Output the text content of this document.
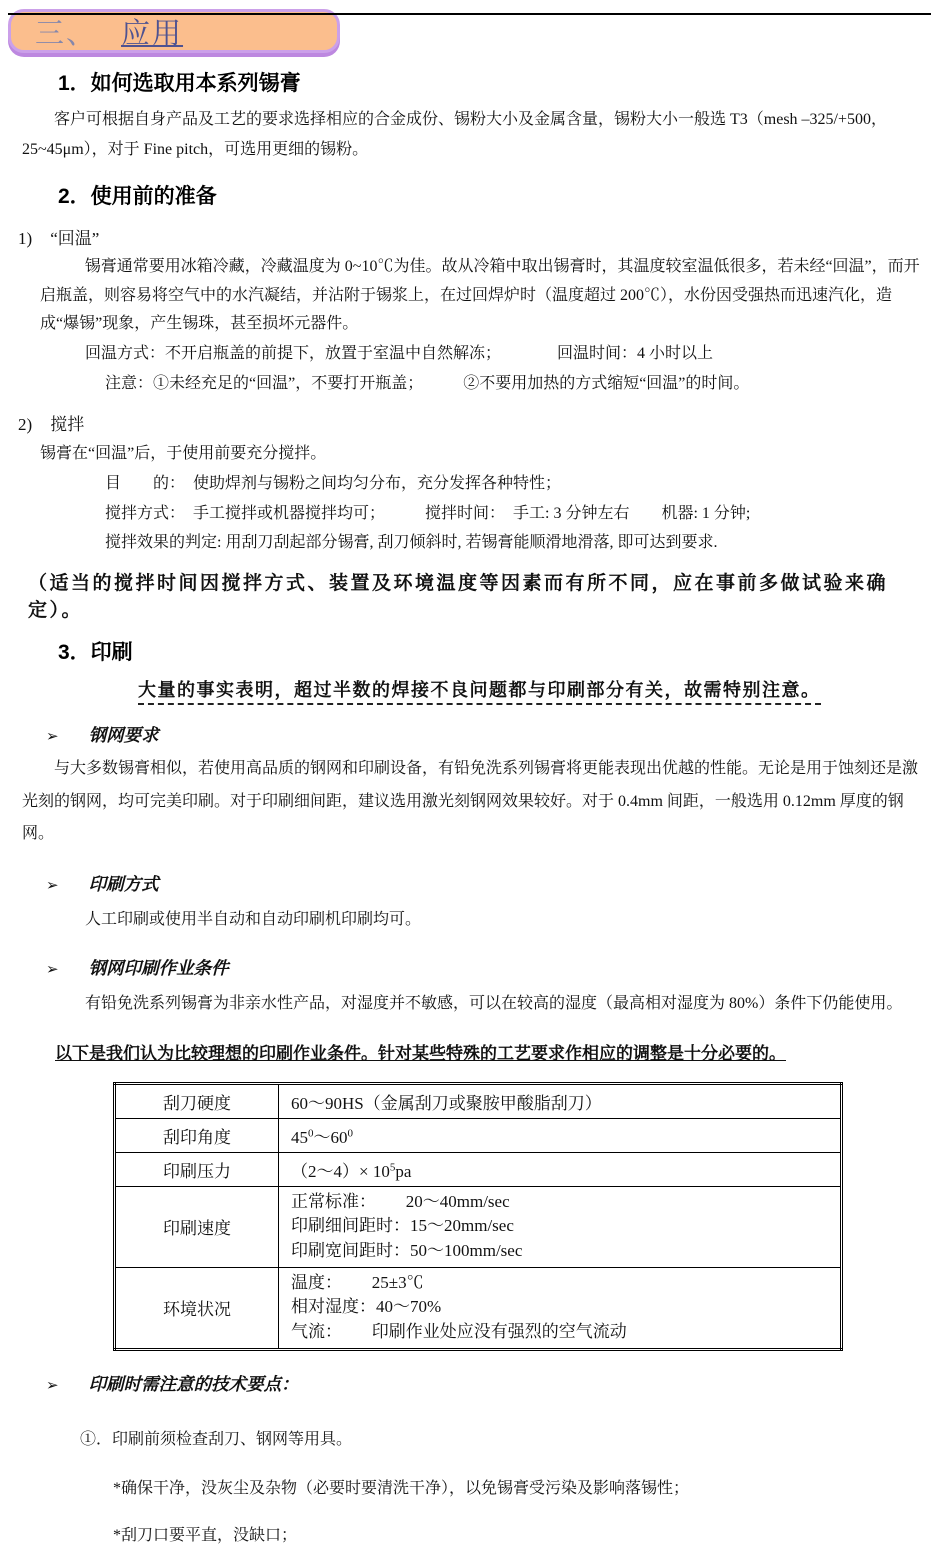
三、 应用
1．如何选取用本系列锡膏

客户可根据自身产品及工艺的要求选择相应的合金成份、锡粉大小及金属含量，锡粉大小一般选 T3（mesh –325/+500，25~45μm），对于 Fine pitch，可选用更细的锡粉。

2．使用前的准备
1) “回温”

锡膏通常要用冰箱冷藏，冷藏温度为 0~10℃为佳。故从冷箱中取出锡膏时，其温度较室温低很多，若未经“回温”，而开启瓶盖，则容易将空气中的水汽凝结，并沾附于锡浆上，在过回焊炉时（温度超过 200℃），水份因受强热而迅速汽化，造成“爆锡”现象，产生锡珠，甚至损坏元器件。

回温方式：不开启瓶盖的前提下，放置于室温中自然解冻；　　　　回温时间：4 小时以上

注意：①未经充足的“回温”，不要打开瓶盖；　　　②不要用加热的方式缩短“回温”的时间。

2) 搅拌

锡膏在“回温”后，于使用前要充分搅拌。

目　　的：　使助焊剂与锡粉之间均匀分布，充分发挥各种特性；

搅拌方式：　手工搅拌或机器搅拌均可；　　　搅拌时间：　手工: 3 分钟左右　　机器: 1 分钟;

搅拌效果的判定: 用刮刀刮起部分锡膏, 刮刀倾斜时, 若锡膏能顺滑地滑落, 即可达到要求.

（适当的搅拌时间因搅拌方式、装置及环境温度等因素而有所不同，应在事前多做试验来确定）。

3．印刷

大量的事实表明，超过半数的焊接不良问题都与印刷部分有关，故需特别注意。

➢ 钢网要求

与大多数锡膏相似，若使用高品质的钢网和印刷设备，有铅免洗系列锡膏将更能表现出优越的性能。无论是用于蚀刻还是激光刻的钢网，均可完美印刷。对于印刷细间距，建议选用激光刻钢网效果较好。对于 0.4mm 间距，一般选用 0.12mm 厚度的钢网。

➢ 印刷方式

人工印刷或使用半自动和自动印刷机印刷均可。

➢ 钢网印刷作业条件

有铅免洗系列锡膏为非亲水性产品，对湿度并不敏感，可以在较高的湿度（最高相对湿度为 80%）条件下仍能使用。

以下是我们认为比较理想的印刷作业条件。针对某些特殊的工艺要求作相应的调整是十分必要的。

刮刀硬度	60～90HS（金属刮刀或聚胺甲酸脂刮刀）
刮印角度	$45^0\sim 60^0$
印刷压力	（2～4）× $10^5pa$
印刷速度	正常标准：　　 20～40mm/sec
印刷细间距时：15～20mm/sec
印刷宽间距时：50～100mm/sec

环境状况	温度：　　 25±3℃
相对湿度：40～70%
气流：　　 印刷作业处应没有强烈的空气流动
➢ 印刷时需注意的技术要点：

①．印刷前须检查刮刀、钢网等用具。

*确保干净，没灰尘及杂物（必要时要清洗干净），以免锡膏受污染及影响落锡性；

*刮刀口要平直，没缺口；
